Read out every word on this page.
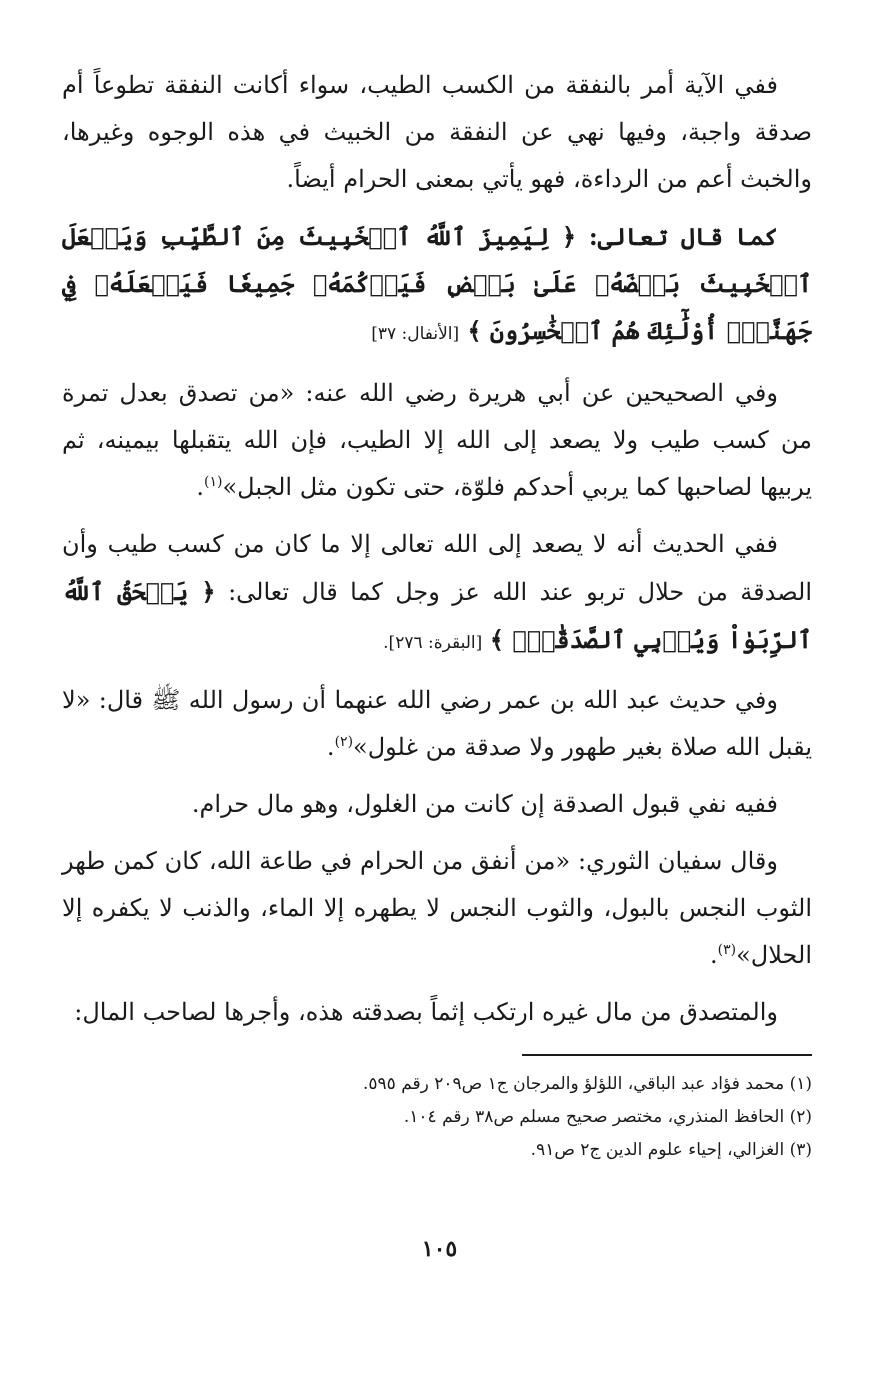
ففي الآية أمر بالنفقة من الكسب الطيب، سواء أكانت النفقة تطوعاً أم صدقة واجبة، وفيها نهي عن النفقة من الخبيث في هذه الوجوه وغيرها، والخبث أعم من الرداءة، فهو يأتي بمعنى الحرام أيضاً.

كما قال تعالى: ﴿ لِيَمِيزَ ٱللَّهُ ٱلۡخَبِيثَ مِنَ ٱلطَّيِّبِ وَيَجۡعَلَ ٱلۡخَبِيثَ بَعۡضَهُۥ عَلَىٰ بَعۡضٖ فَيَرۡكُمَهُۥ جَمِيعٗا فَيَجۡعَلَهُۥ فِي جَهَنَّمَۚ أُوْلَٰٓئِكَ هُمُ ٱلۡخَٰسِرُونَ ﴾ [الأنفال: ٣٧]

وفي الصحيحين عن أبي هريرة رضي الله عنه: «من تصدق بعدل تمرة من كسب طيب ولا يصعد إلى الله إلا الطيب، فإن الله يتقبلها بيمينه، ثم يربيها لصاحبها كما يربي أحدكم فلوّة، حتى تكون مثل الجبل»$^{(١)}$.

ففي الحديث أنه لا يصعد إلى الله تعالى إلا ما كان من كسب طيب وأن الصدقة من حلال تربو عند الله عز وجل كما قال تعالى: ﴿ يَمۡحَقُ ٱللَّهُ ٱلرِّبَوٰاْ وَيُرۡبِي ٱلصَّدَقَٰتِۗ ﴾ [البقرة: ٢٧٦].

وفي حديث عبد الله بن عمر رضي الله عنهما أن رسول الله ﷺ قال: «لا يقبل الله صلاة بغير طهور ولا صدقة من غلول»$^{(٢)}$.

ففيه نفي قبول الصدقة إن كانت من الغلول، وهو مال حرام.

وقال سفيان الثوري: «من أنفق من الحرام في طاعة الله، كان كمن طهر الثوب النجس بالبول، والثوب النجس لا يطهره إلا الماء، والذنب لا يكفره إلا الحلال»$^{(٣)}$.

والمتصدق من مال غيره ارتكب إثماً بصدقته هذه، وأجرها لصاحب المال:

(١) محمد فؤاد عبد الباقي، اللؤلؤ والمرجان ج١ ص٢٠٩ رقم ٥٩٥.

(٢) الحافظ المنذري، مختصر صحيح مسلم ص٣٨ رقم ١٠٤.

(٣) الغزالي، إحياء علوم الدين ج٢ ص٩١.

١٠٥
